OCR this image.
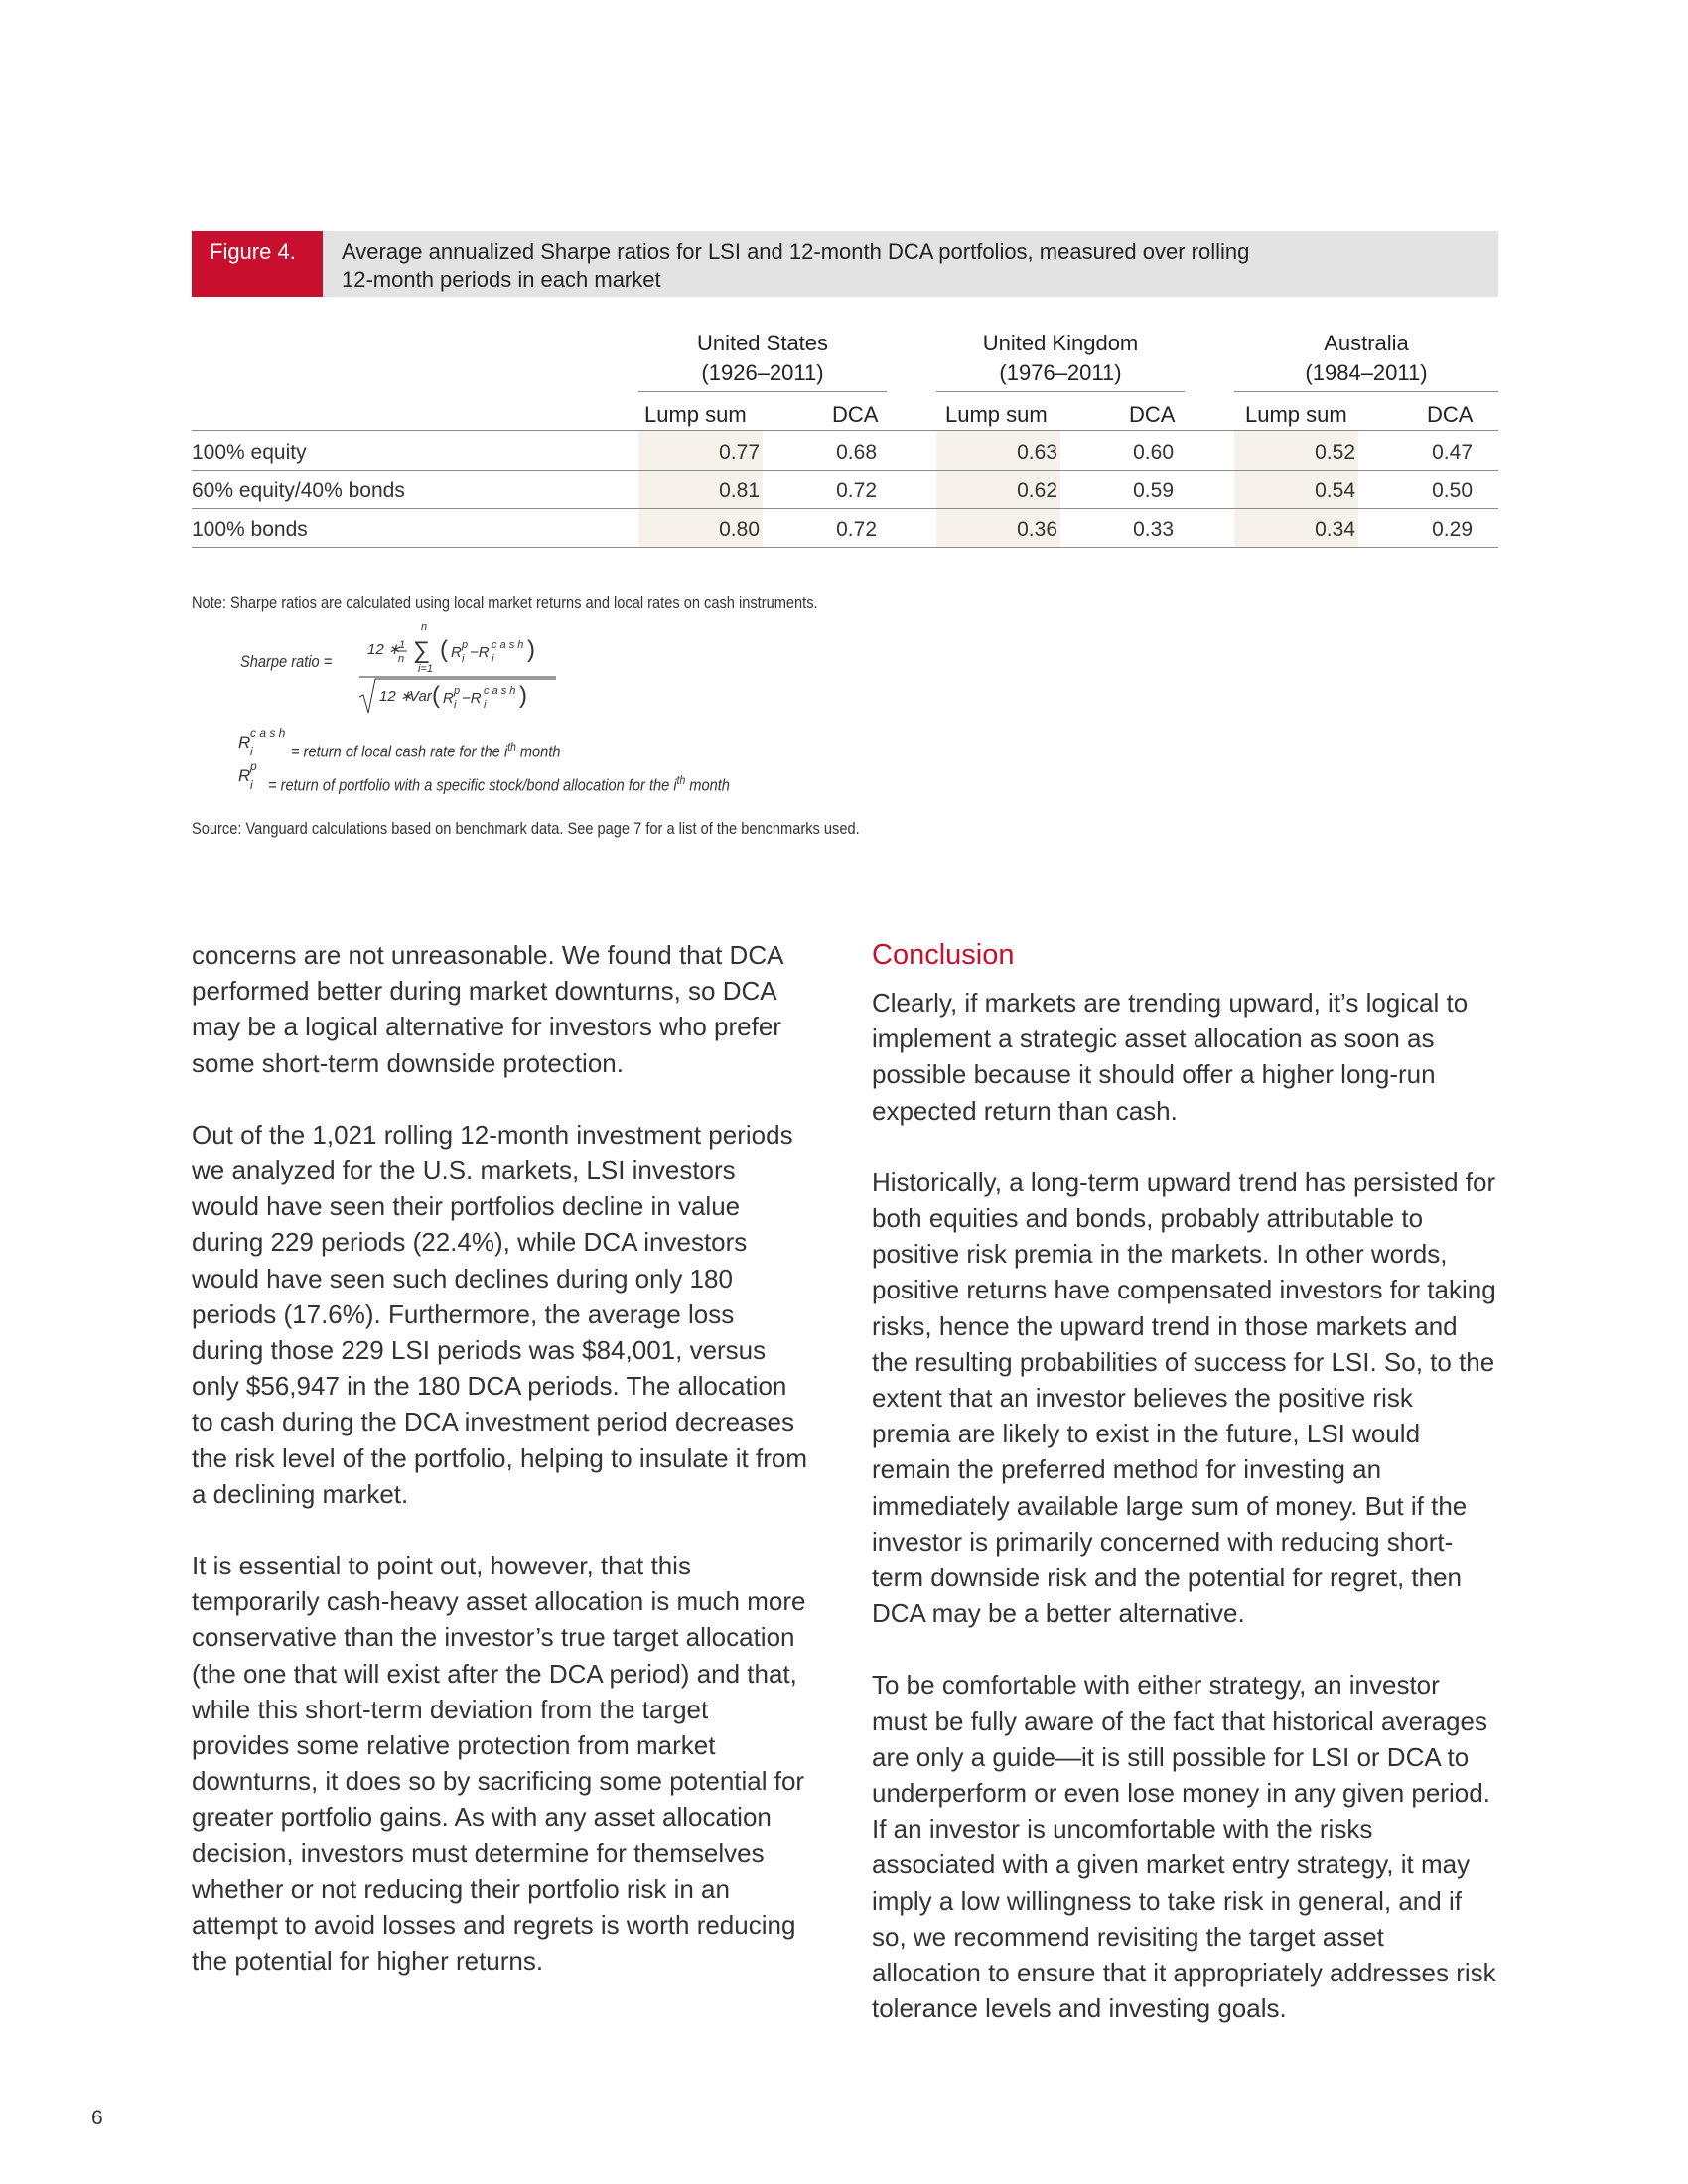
Figure 4.	Average annualized Sharpe ratios for LSI and 12-month DCA portfolios, measured over rolling
12-month periods in each market
United States
(1926–2011)
United Kingdom
(1976–2011)
Australia
(1984–2011)
Lump sum	DCA	Lump sum	DCA	Lump sum	DCA
100% equity	0.77	0.68	0.63	0.60	0.52	0.47
60% equity/40% bonds	0.81	0.72	0.62	0.59	0.54	0.50
100% bonds	0.80	0.72	0.36	0.33	0.34	0.29
Note: Sharpe ratios are calculated using local market returns and local rates on cash instruments.
Sharpe ratio =
12 ∗
1
n
n
∑
i=1
( R p
i −R c a s h
i )
12 ∗
Var ( R p
i −R c a s h
i )
R c a s h
i = return of local cash rate for the $i^{th}$ month
R p
i = return of portfolio with a specific stock/bond allocation for the $i^{th}$ month
Source: Vanguard calculations based on benchmark data. See page 7 for a list of the benchmarks used.

concerns are not unreasonable. We found that DCA performed better during market downturns, so DCA may be a logical alternative for investors who prefer some short-term downside protection.

Out of the 1,021 rolling 12-month investment periods we analyzed for the U.S. markets, LSI investors would have seen their portfolios decline in value during 229 periods (22.4%), while DCA investors would have seen such declines during only 180 periods (17.6%). Furthermore, the average loss during those 229 LSI periods was $84,001, versus only $56,947 in the 180 DCA periods. The allocation to cash during the DCA investment period decreases the risk level of the portfolio, helping to insulate it from a declining market.

It is essential to point out, however, that this temporarily cash-heavy asset allocation is much more conservative than the investor’s true target allocation (the one that will exist after the DCA period) and that, while this short-term deviation from the target provides some relative protection from market downturns, it does so by sacrificing some potential for greater portfolio gains. As with any asset allocation decision, investors must determine for themselves whether or not reducing their portfolio risk in an attempt to avoid losses and regrets is worth reducing the potential for higher returns.

Conclusion

Clearly, if markets are trending upward, it’s logical to implement a strategic asset allocation as soon as possible because it should offer a higher long-run expected return than cash.

Historically, a long-term upward trend has persisted for both equities and bonds, probably attributable to positive risk premia in the markets. In other words, positive returns have compensated investors for taking risks, hence the upward trend in those markets and the resulting probabilities of success for LSI. So, to the extent that an investor believes the positive risk premia are likely to exist in the future, LSI would remain the preferred method for investing an immediately available large sum of money. But if the investor is primarily concerned with reducing short-term downside risk and the potential for regret, then DCA may be a better alternative.

To be comfortable with either strategy, an investor must be fully aware of the fact that historical averages are only a guide—it is still possible for LSI or DCA to underperform or even lose money in any given period. If an investor is uncomfortable with the risks associated with a given market entry strategy, it may imply a low willingness to take risk in general, and if so, we recommend revisiting the target asset allocation to ensure that it appropriately addresses risk tolerance levels and investing goals.

6
